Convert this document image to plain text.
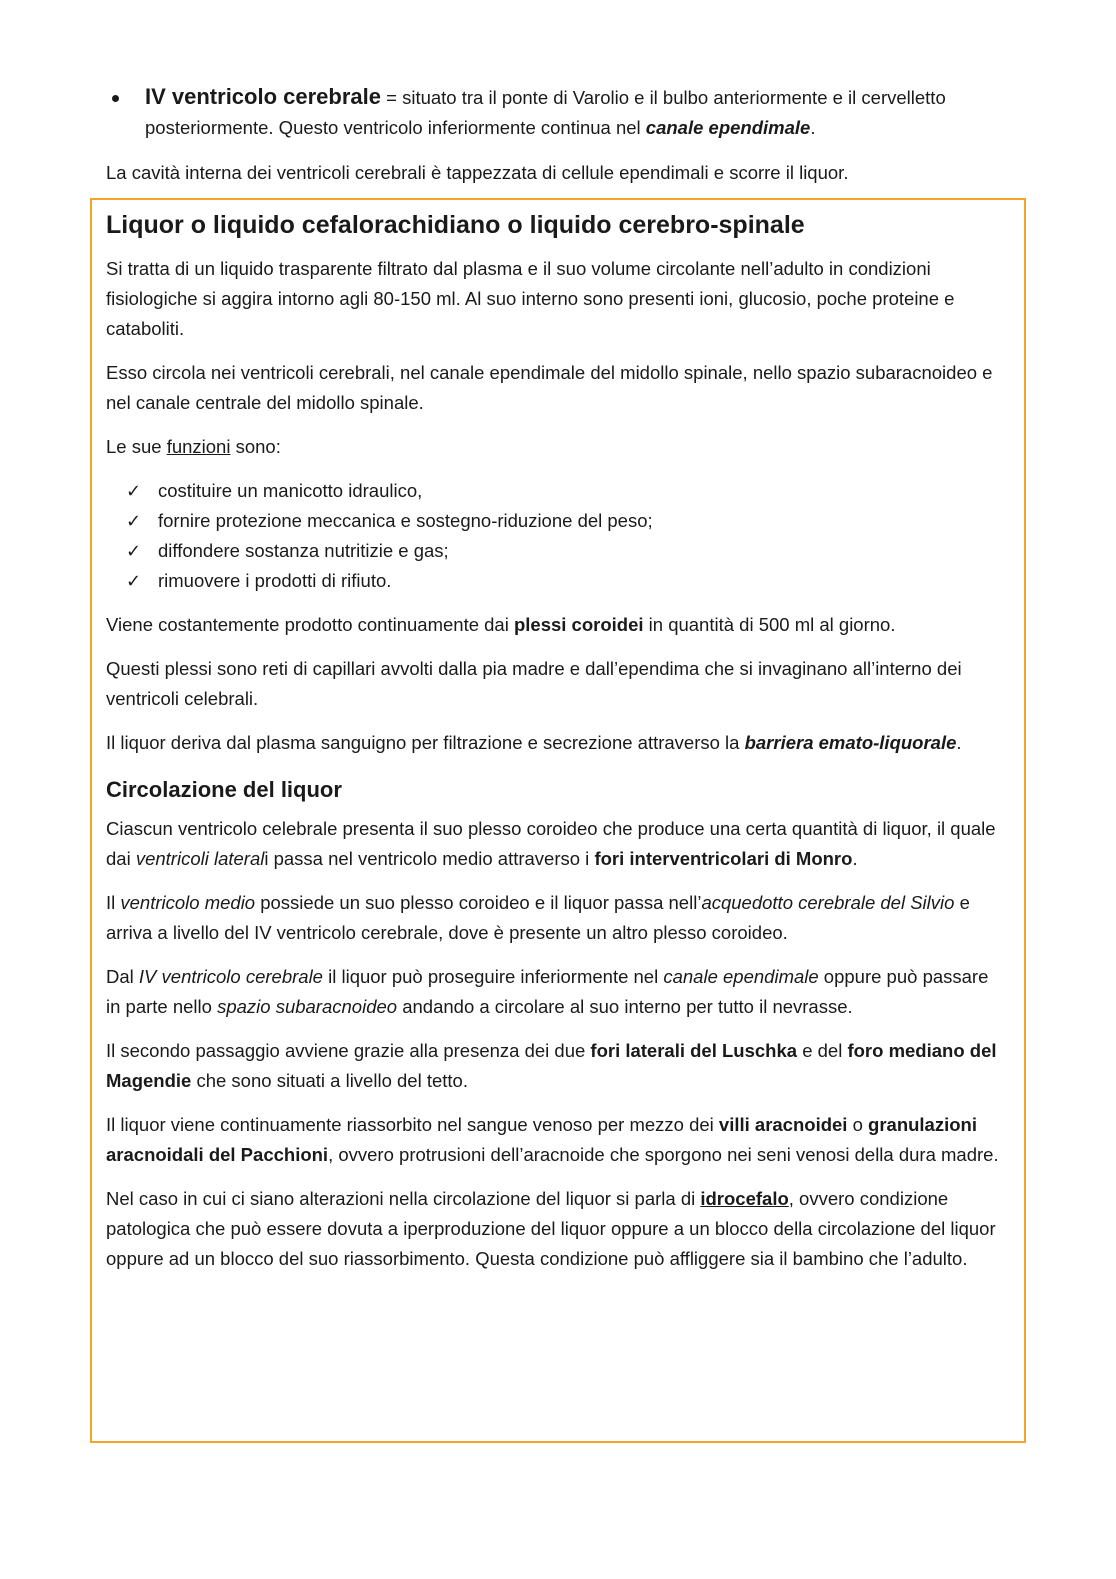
IV ventricolo cerebrale = situato tra il ponte di Varolio e il bulbo anteriormente e il cervelletto posteriormente. Questo ventricolo inferiormente continua nel canale ependimale.
La cavità interna dei ventricoli cerebrali è tappezzata di cellule ependimali e scorre il liquor.
Liquor o liquido cefalorachidiano o liquido cerebro-spinale

Si tratta di un liquido trasparente filtrato dal plasma e il suo volume circolante nell’adulto in condizioni fisiologiche si aggira intorno agli 80-150 ml. Al suo interno sono presenti ioni, glucosio, poche proteine e cataboliti.

Esso circola nei ventricoli cerebrali, nel canale ependimale del midollo spinale, nello spazio subaracnoideo e nel canale centrale del midollo spinale.

Le sue funzioni sono:

✓ costituire un manicotto idraulico,
✓ fornire protezione meccanica e sostegno-riduzione del peso;
✓ diffondere sostanza nutritizie e gas;
✓ rimuovere i prodotti di rifiuto.

Viene costantemente prodotto continuamente dai plessi coroidei in quantità di 500 ml al giorno.

Questi plessi sono reti di capillari avvolti dalla pia madre e dall’ependima che si invaginano all’interno dei ventricoli celebrali.

Il liquor deriva dal plasma sanguigno per filtrazione e secrezione attraverso la barriera emato-liquorale.

Circolazione del liquor

Ciascun ventricolo celebrale presenta il suo plesso coroideo che produce una certa quantità di liquor, il quale dai ventricoli laterali passa nel ventricolo medio attraverso i fori interventricolari di Monro.

Il ventricolo medio possiede un suo plesso coroideo e il liquor passa nell’acquedotto cerebrale del Silvio e arriva a livello del IV ventricolo cerebrale, dove è presente un altro plesso coroideo.

Dal IV ventricolo cerebrale il liquor può proseguire inferiormente nel canale ependimale oppure può passare in parte nello spazio subaracnoideo andando a circolare al suo interno per tutto il nevrasse.

Il secondo passaggio avviene grazie alla presenza dei due fori laterali del Luschka e del foro mediano del Magendie che sono situati a livello del tetto.

Il liquor viene continuamente riassorbito nel sangue venoso per mezzo dei villi aracnoidei o granulazioni aracnoidali del Pacchioni, ovvero protrusioni dell’aracnoide che sporgono nei seni venosi della dura madre.

Nel caso in cui ci siano alterazioni nella circolazione del liquor si parla di idrocefalo, ovvero condizione patologica che può essere dovuta a iperproduzione del liquor oppure a un blocco della circolazione del liquor oppure ad un blocco del suo riassorbimento. Questa condizione può affliggere sia il bambino che l’adulto.
